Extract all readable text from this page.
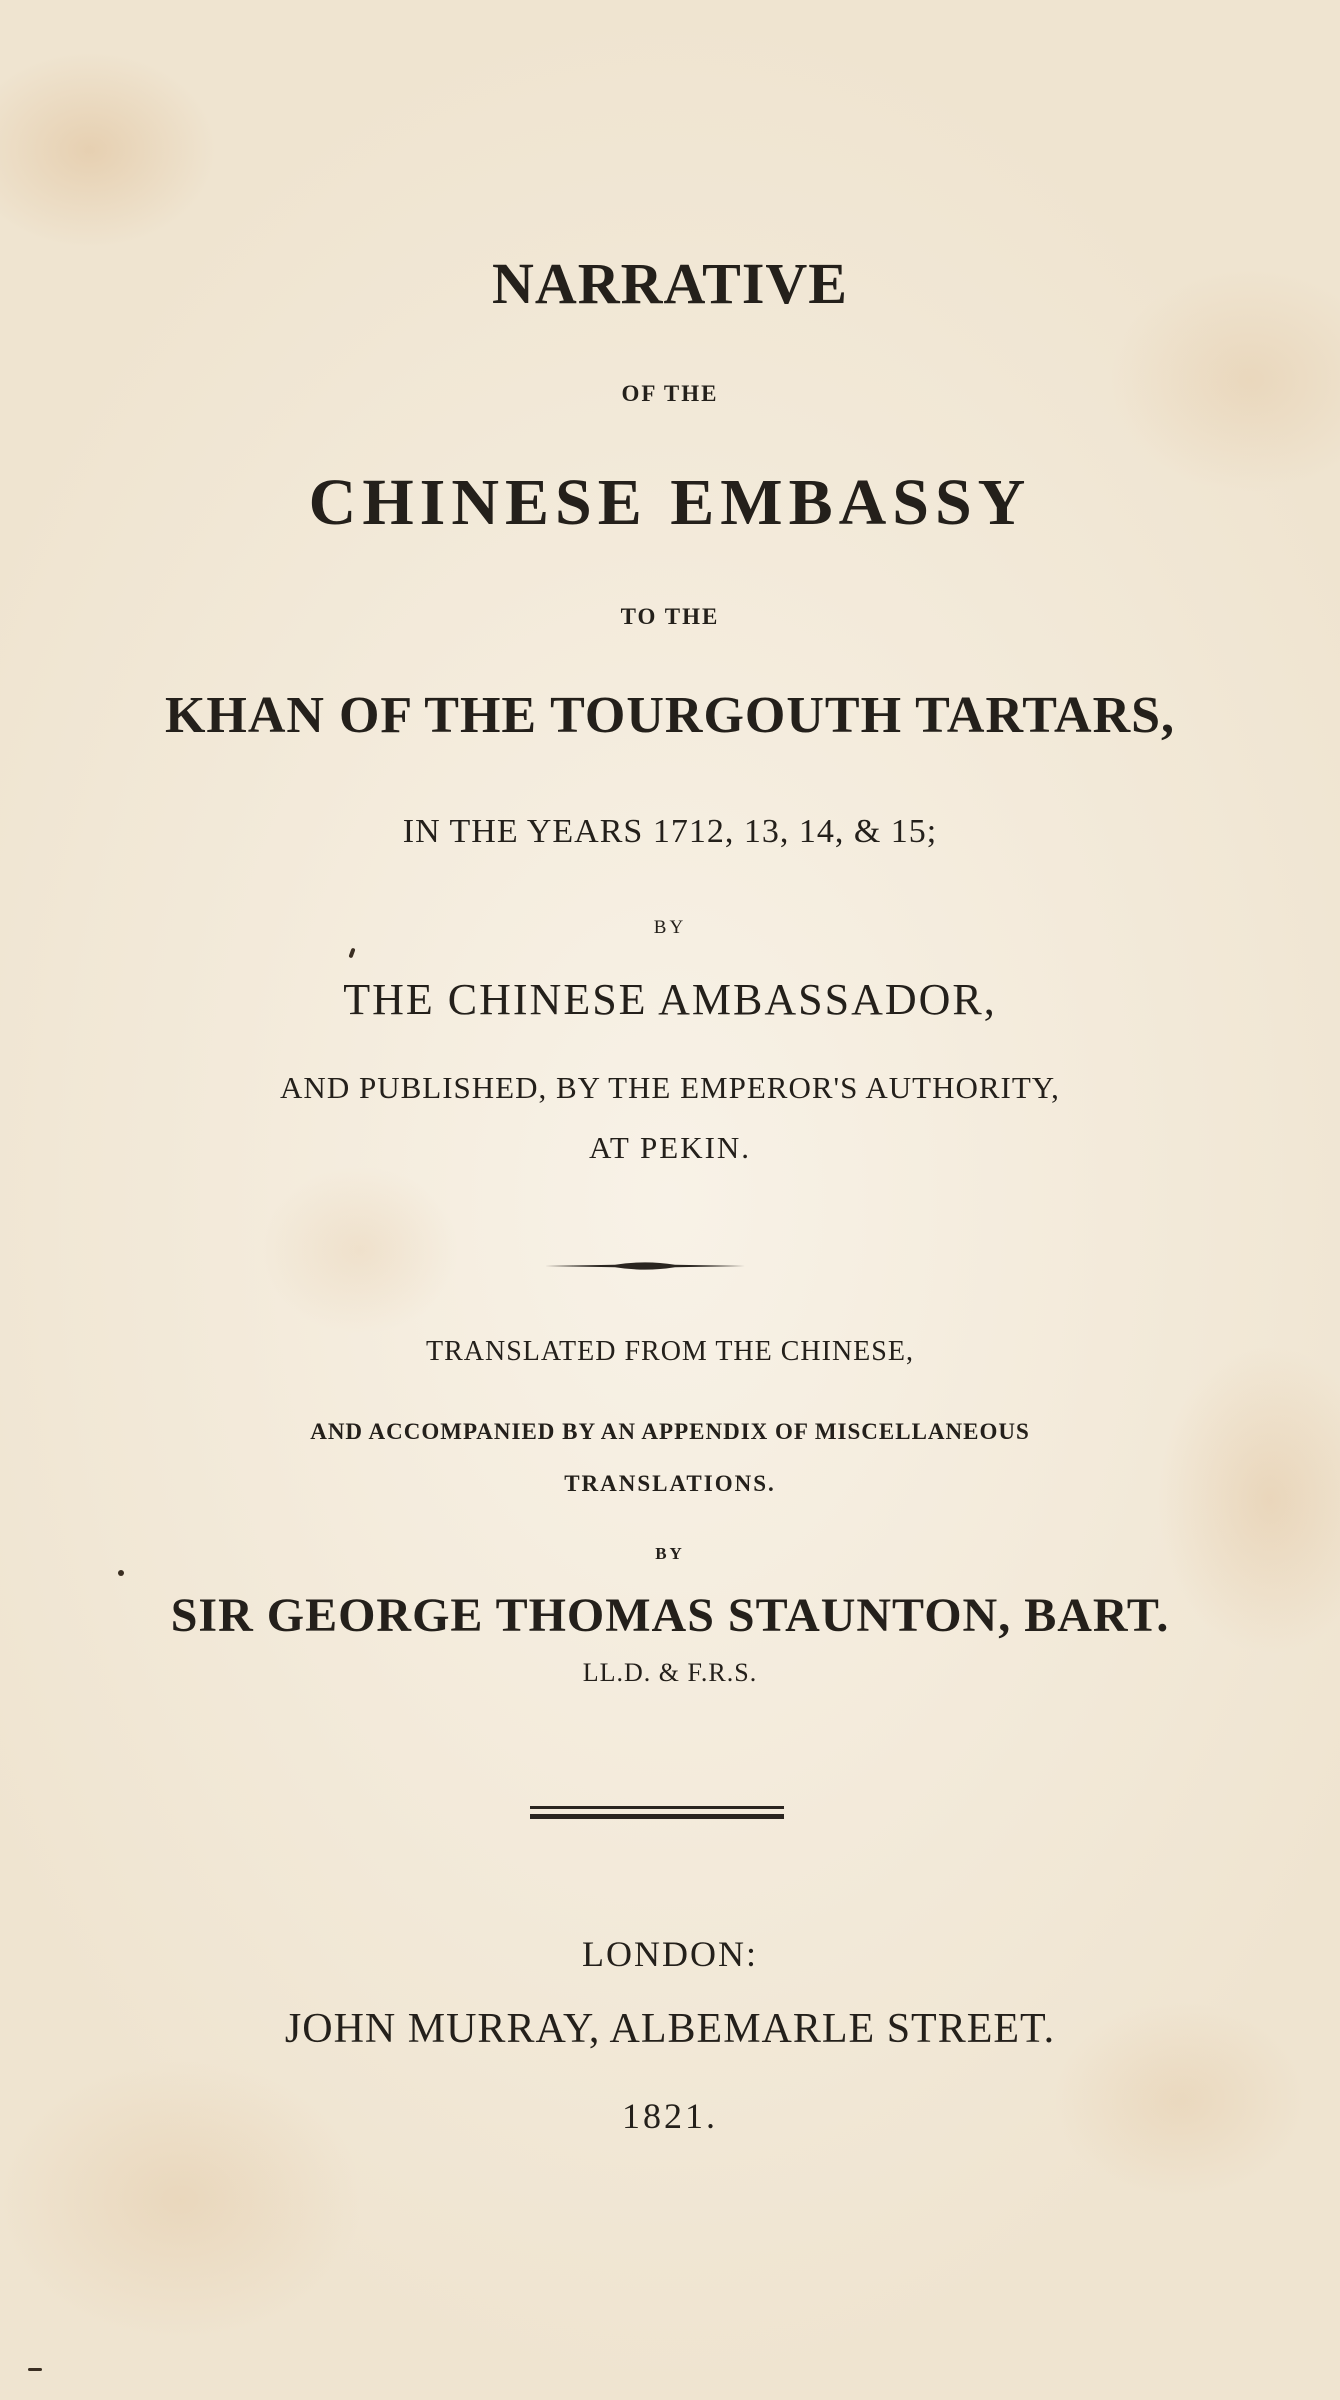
NARRATIVE
OF THE
CHINESE EMBASSY
TO THE
KHAN OF THE TOURGOUTH TARTARS,
IN THE YEARS 1712, 13, 14, & 15;
BY
THE CHINESE AMBASSADOR,
AND PUBLISHED, BY THE EMPEROR'S AUTHORITY,
AT PEKIN.
TRANSLATED FROM THE CHINESE,
AND ACCOMPANIED BY AN APPENDIX OF MISCELLANEOUS
TRANSLATIONS.
BY
SIR GEORGE THOMAS STAUNTON, BART.
LL.D. & F.R.S.
LONDON:
JOHN MURRAY, ALBEMARLE STREET.
1821.
